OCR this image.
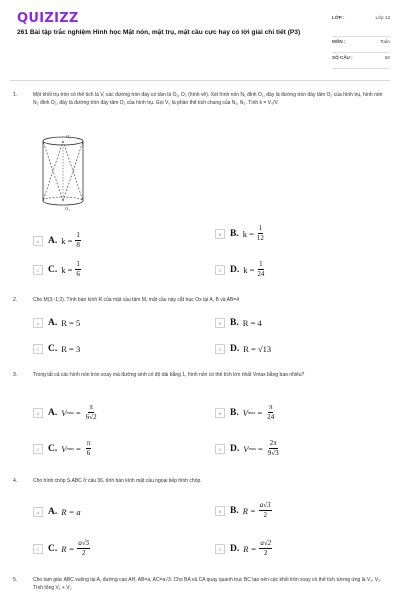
QUIZIZZ
261 Bài tập trắc nghiệm Hình học Mặt nón, mặt trụ, mặt cầu cực hay có lời giải chi tiết (P3)
LỚP :	Lớp 12
MÔN :	Toán
SỐ CÂU :	50
1.	Một khối trụ tròn có thể tích là V, các đường tròn đáy có tâm là O₁, O₂ (hình vẽ). Xét hình nón N₁ đỉnh O₁, đáy là đường tròn đáy tâm O₂ của hình trụ, hình nón N₂ đỉnh O₂, đáy là đường tròn đáy tâm O₁ của hình trụ. Gọi V₀ là phần thể tích chung của N₁, N₂. Tính k = V₀/V.
O₁
O₂
A A. $k = \frac{1}{8}$	B B. $k = \frac{1}{12}$
C C. $k = \frac{1}{6}$	D D. $k = \frac{1}{24}$
2.	Cho M(3;-1;2). Tính bán kính R của mặt cầu tâm M, mặt cầu này cắt trục Ox tại A, B và AB=4
A A. R = 5	B B. R = 4
C C. R = 3	D D. R = √13
3.	Trong tất cả các hình nón tròn xoay mà đường sinh có độ dài bằng 1, hình nón có thể tích lớn nhất Vmax bằng bao nhiêu?
A A. V $\max = \frac{\pi}{6√2}$	B B. V $\max = \frac{\pi}{24}$
C C. V $\max = \frac{\pi}{6}$	D D. V $\max = \frac{2\pi}{9√3}$
4.	Cho hình chóp S.ABC ở câu 36, tính bán kính mặt cầu ngoại tiếp hình chóp.
A A. R = a	B B. $R = \frac{a√3}{2}$
C C. $R = \frac{a√5}{2}$	D D. $R = \frac{a√2}{2}$
5.	Cho tam giác ABC vuông tại A, đường cao AH, AB=a, AC=a√3. Cho BA và CA quay quanh trục BC tạo nên các khối tròn xoay có thể tích tương ứng là V₁, V₂. Tính tổng V₁ + V₂
